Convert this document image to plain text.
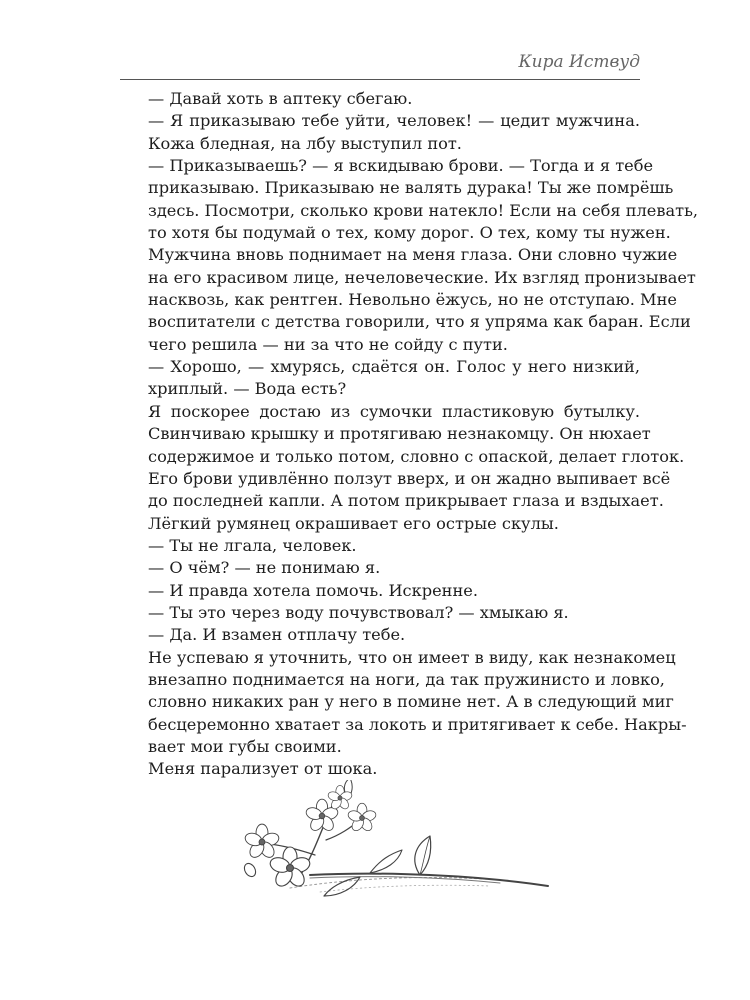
Кира Иствуд

— Давай хоть в аптеку сбегаю.

— Я приказываю тебе уйти, человек! — цедит мужчина.
Кожа бледная, на лбу выступил пот.

— Приказываешь? — я вскидываю брови. — Тогда и я тебе
приказываю. Приказываю не валять дурака! Ты же помрёшь
здесь. Посмотри, сколько крови натекло! Если на себя плевать,
то хотя бы подумай о тех, кому дорог. О тех, кому ты нужен.

Мужчина вновь поднимает на меня глаза. Они словно чужие
на его красивом лице, нечеловеческие. Их взгляд пронизывает
насквозь, как рентген. Невольно ёжусь, но не отступаю. Мне
воспитатели с детства говорили, что я упряма как баран. Если
чего решила — ни за что не сойду с пути.

— Хорошо, — хмурясь, сдаётся он. Голос у него низкий,
хриплый. — Вода есть?

Я поскорее достаю из сумочки пластиковую бутылку.
Свинчиваю крышку и протягиваю незнакомцу. Он нюхает
содержимое и только потом, словно с опаской, делает глоток.
Его брови удивлённо ползут вверх, и он жадно выпивает всё
до последней капли. А потом прикрывает глаза и вздыхает.
Лёгкий румянец окрашивает его острые скулы.

— Ты не лгала, человек.

— О чём? — не понимаю я.

— И правда хотела помочь. Искренне.

— Ты это через воду почувствовал? — хмыкаю я.

— Да. И взамен отплачу тебе.

Не успеваю я уточнить, что он имеет в виду, как незнакомец
внезапно поднимается на ноги, да так пружинисто и ловко,
словно никаких ран у него в помине нет. А в следующий миг
бесцеремонно хватает за локоть и притягивает к себе. Накры-
вает мои губы своими.

Меня парализует от шока.
